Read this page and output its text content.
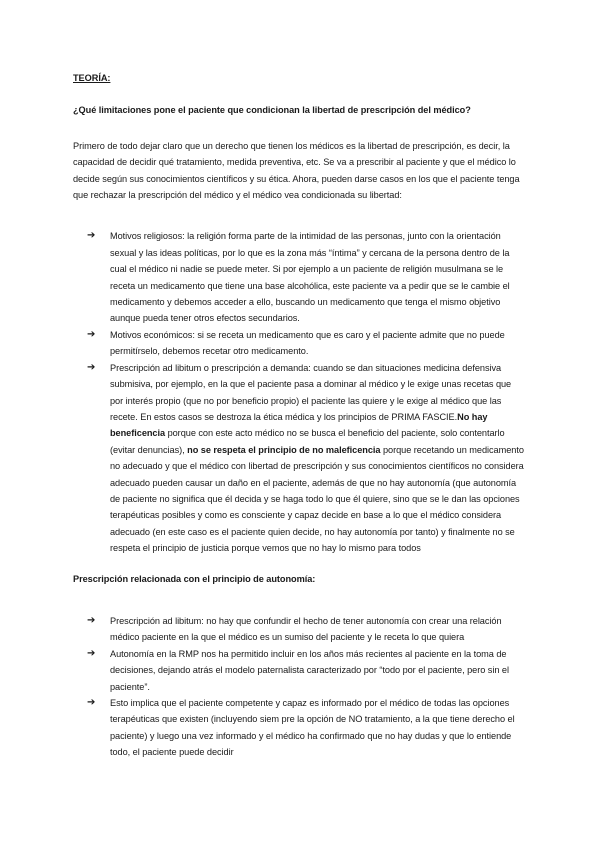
TEORÍA:

¿Qué limitaciones pone el paciente que condicionan la libertad de prescripción del médico?

Primero de todo dejar claro que un derecho que tienen los médicos es la libertad de prescripción, es decir, la capacidad de decidir qué tratamiento, medida preventiva, etc. Se va a prescribir al paciente y que el médico lo decide según sus conocimientos científicos y su ética. Ahora, pueden darse casos en los que el paciente tenga que rechazar la prescripción del médico y el médico vea condicionada su libertad:

➔ Motivos religiosos: la religión forma parte de la intimidad de las personas, junto con la orientación sexual y las ideas políticas, por lo que es la zona más “íntima” y cercana de la persona dentro de la cual el médico ni nadie se puede meter. Si por ejemplo a un paciente de religión musulmana se le receta un medicamento que tiene una base alcohólica, este paciente va a pedir que se le cambie el medicamento y debemos acceder a ello, buscando un medicamento que tenga el mismo objetivo aunque pueda tener otros efectos secundarios.
➔ Motivos económicos: si se receta un medicamento que es caro y el paciente admite que no puede permitírselo, debemos recetar otro medicamento.
➔ Prescripción ad libitum o prescripción a demanda: cuando se dan situaciones medicina defensiva submisiva, por ejemplo, en la que el paciente pasa a dominar al médico y le exige unas recetas que por interés propio (que no por beneficio propio) el paciente las quiere y le exige al médico que las recete. En estos casos se destroza la ética médica y los principios de PRIMA FASCIE.No hay beneficencia porque con este acto médico no se busca el beneficio del paciente, solo contentarlo (evitar denuncias), no se respeta el principio de no maleficencia porque recetando un medicamento no adecuado y que el médico con libertad de prescripción y sus conocimientos científicos no considera adecuado pueden causar un daño en el paciente, además de que no hay autonomía (que autonomía de paciente no significa que él decida y se haga todo lo que él quiere, sino que se le dan las opciones terapéuticas posibles y como es consciente y capaz decide en base a lo que el médico considera adecuado (en este caso es el paciente quien decide, no hay autonomía por tanto) y finalmente no se respeta el principio de justicia porque vemos que no hay lo mismo para todos

Prescripción relacionada con el principio de autonomía:

➔ Prescripción ad libitum: no hay que confundir el hecho de tener autonomía con crear una relación médico paciente en la que el médico es un sumiso del paciente y le receta lo que quiera
➔ Autonomía en la RMP nos ha permitido incluir en los años más recientes al paciente en la toma de decisiones, dejando atrás el modelo paternalista caracterizado por “todo por el paciente, pero sin el paciente”.
➔ Esto implica que el paciente competente y capaz es informado por el médico de todas las opciones terapéuticas que existen (incluyendo siem pre la opción de NO tratamiento, a la que tiene derecho el paciente) y luego una vez informado y el médico ha confirmado que no hay dudas y que lo entiende todo, el paciente puede decidir
